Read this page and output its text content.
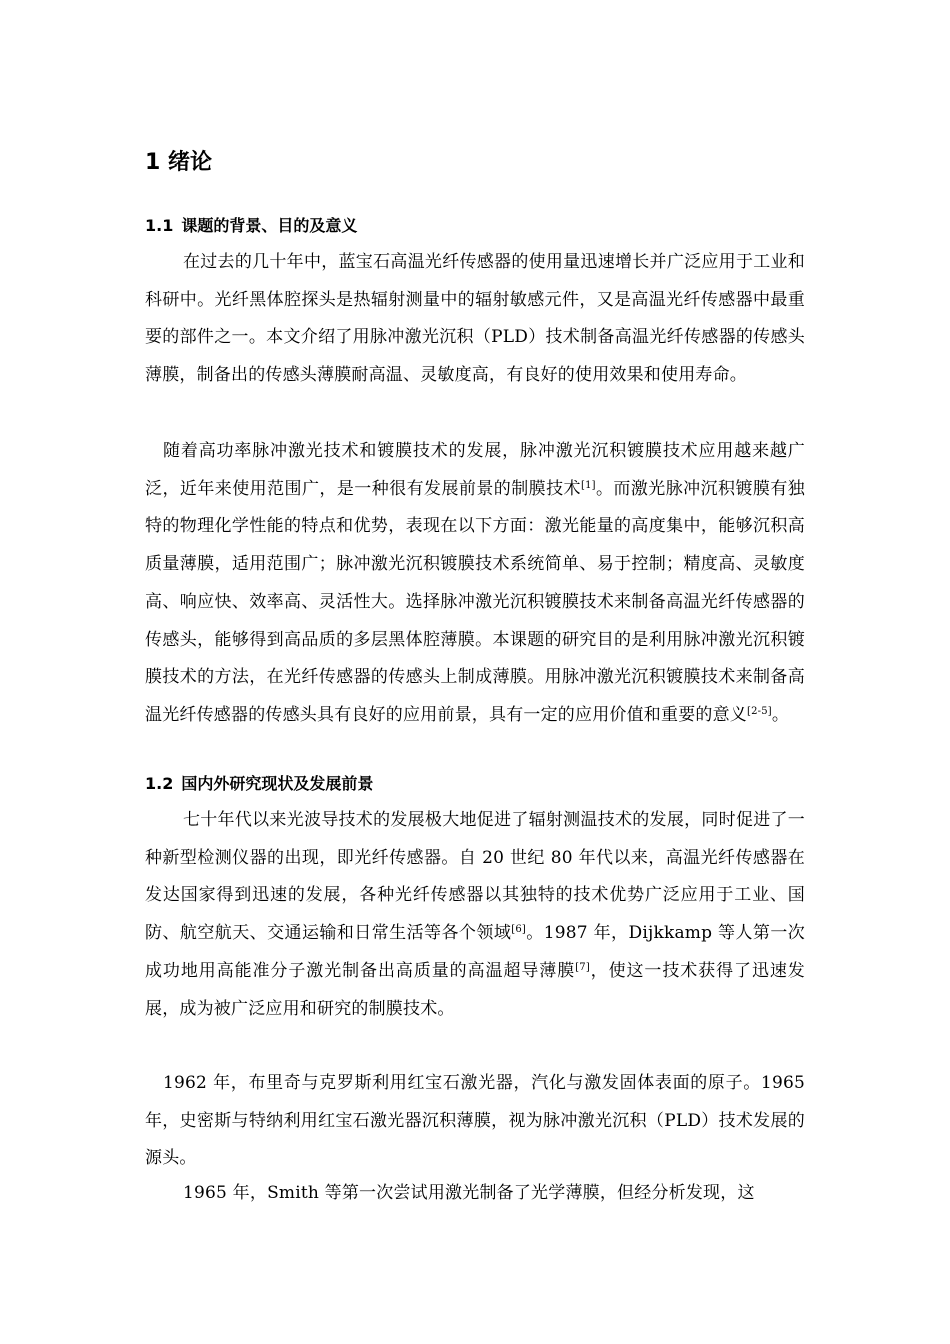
1 绪论
1.1 课题的背景、目的及意义

在过去的几十年中，蓝宝石高温光纤传感器的使用量迅速增长并广泛应用于工业和科研中。光纤黑体腔探头是热辐射测量中的辐射敏感元件，又是高温光纤传感器中最重要的部件之一。本文介绍了用脉冲激光沉积（PLD）技术制备高温光纤传感器的传感头薄膜，制备出的传感头薄膜耐高温、灵敏度高，有良好的使用效果和使用寿命。

随着高功率脉冲激光技术和镀膜技术的发展，脉冲激光沉积镀膜技术应用越来越广泛，近年来使用范围广，是一种很有发展前景的制膜技术[1]。而激光脉冲沉积镀膜有独特的物理化学性能的特点和优势，表现在以下方面：激光能量的高度集中，能够沉积高质量薄膜，适用范围广；脉冲激光沉积镀膜技术系统简单、易于控制；精度高、灵敏度高、响应快、效率高、灵活性大。选择脉冲激光沉积镀膜技术来制备高温光纤传感器的传感头，能够得到高品质的多层黑体腔薄膜。本课题的研究目的是利用脉冲激光沉积镀膜技术的方法，在光纤传感器的传感头上制成薄膜。用脉冲激光沉积镀膜技术来制备高温光纤传感器的传感头具有良好的应用前景，具有一定的应用价值和重要的意义[2-5]。

1.2 国内外研究现状及发展前景

七十年代以来光波导技术的发展极大地促进了辐射测温技术的发展，同时促进了一种新型检测仪器的出现，即光纤传感器。自 20 世纪 80 年代以来，高温光纤传感器在发达国家得到迅速的发展，各种光纤传感器以其独特的技术优势广泛应用于工业、国防、航空航天、交通运输和日常生活等各个领域[6]。1987 年，Dijkkamp 等人第一次成功地用高能准分子激光制备出高质量的高温超导薄膜[7]，使这一技术获得了迅速发展，成为被广泛应用和研究的制膜技术。

1962 年，布里奇与克罗斯利用红宝石激光器，汽化与激发固体表面的原子。1965 年，史密斯与特纳利用红宝石激光器沉积薄膜，视为脉冲激光沉积（PLD）技术发展的源头。

1965 年，Smith 等第一次尝试用激光制备了光学薄膜，但经分析发现，这
